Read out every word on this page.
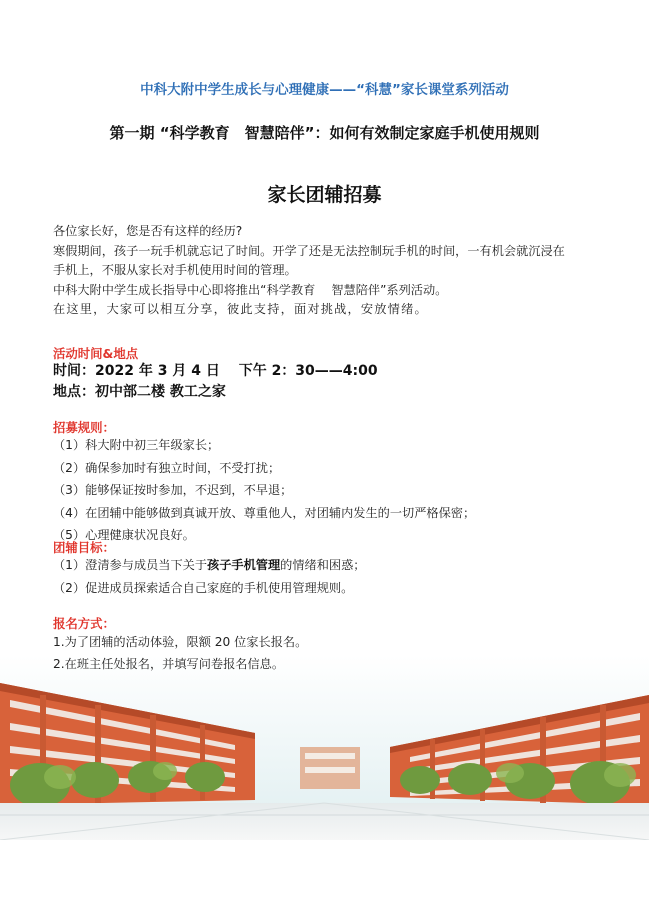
中科大附中学生成长与心理健康——“科慧”家长课堂系列活动
第一期 “科学教育　智慧陪伴”：如何有效制定家庭手机使用规则
家长团辅招募

各位家长好，您是否有这样的经历?

寒假期间，孩子一玩手机就忘记了时间。开学了还是无法控制玩手机的时间，一有机会就沉浸在

手机上，不服从家长对手机使用时间的管理。

中科大附中学生成长指导中心即将推出“科学教育　 智慧陪伴”系列活动。

在这里，大家可以相互分享，彼此支持，面对挑战，安放情绪。

活动时间&地点
时间：2022 年 3 月 4 日　 下午 2：30——4:00
地点：初中部二楼 教工之家
招募规则：
（1）科大附中初三年级家长；
（2）确保参加时有独立时间，不受打扰；
（3）能够保证按时参加，不迟到，不早退；
（4）在团辅中能够做到真诚开放、尊重他人，对团辅内发生的一切严格保密；
（5）心理健康状况良好。
团辅目标：
（1）澄清参与成员当下关于孩子手机管理的情绪和困惑；
（2）促进成员探索适合自己家庭的手机使用管理规则。
报名方式：
1.为了团辅的活动体验，限额 20 位家长报名。
2.在班主任处报名，并填写问卷报名信息。
